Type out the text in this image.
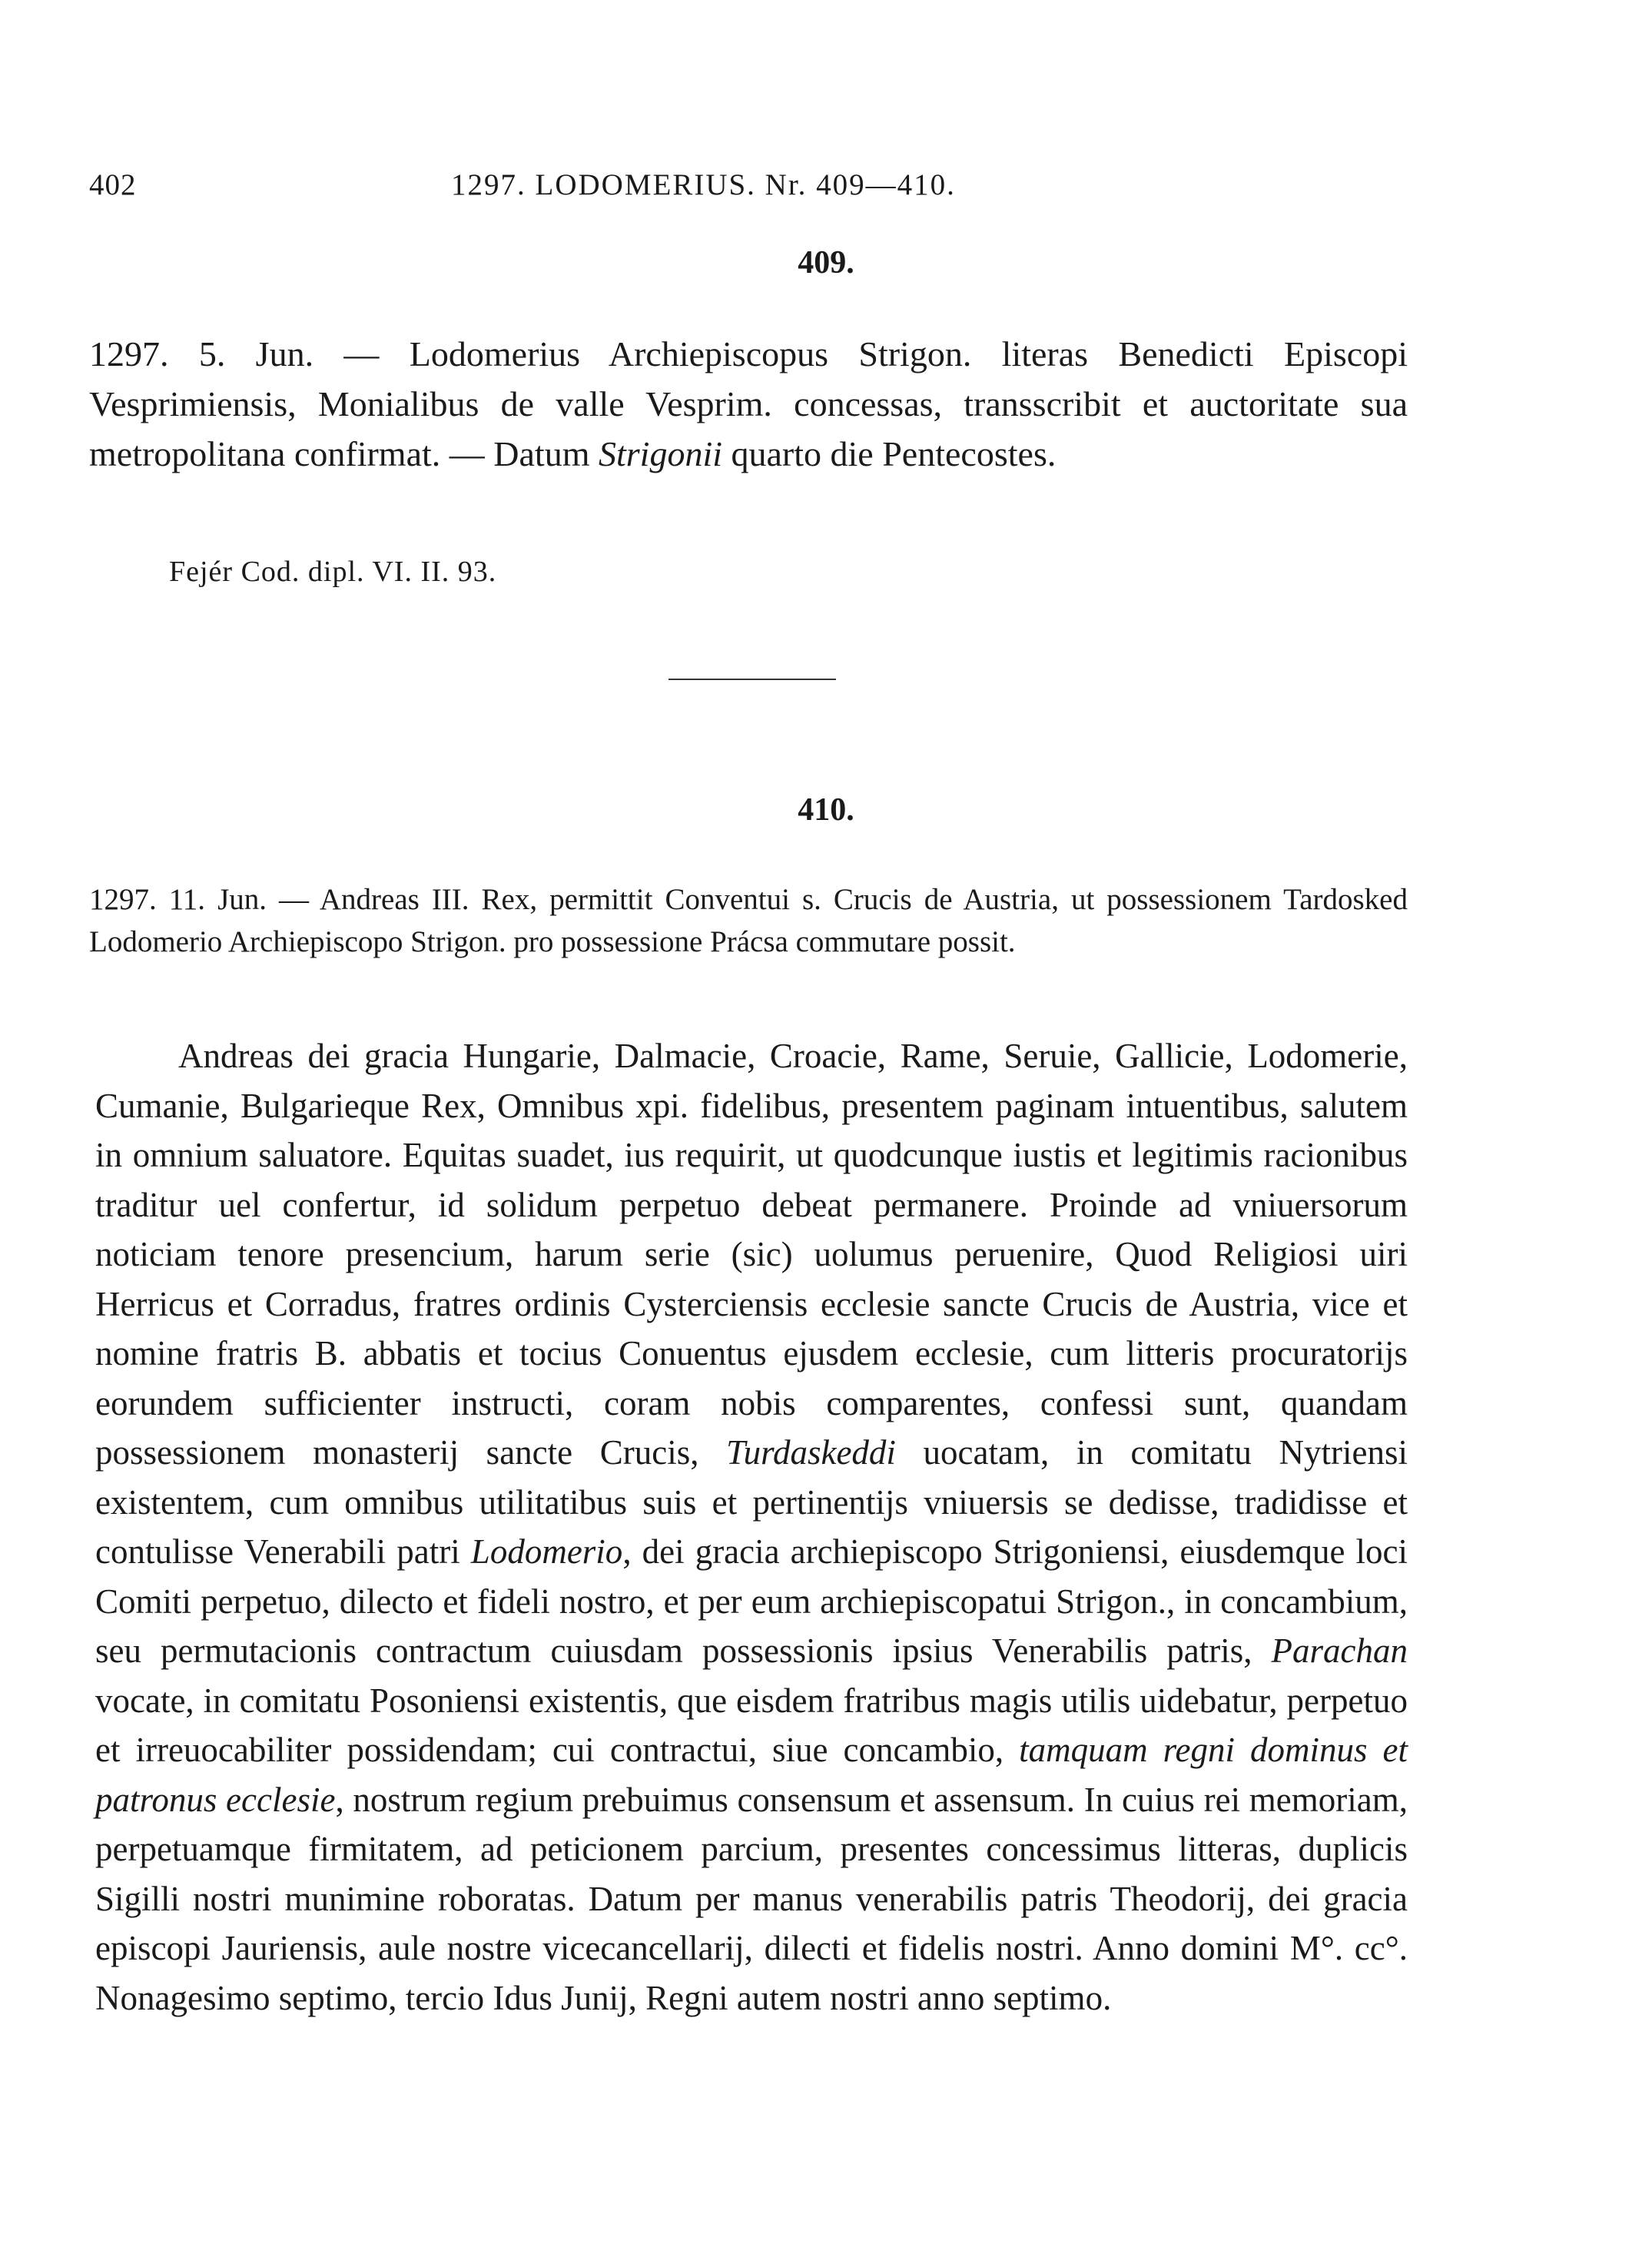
402	1297. LODOMERIUS. Nr. 409—410.
409.

1297. 5. Jun. — Lodomerius Archiepiscopus Strigon. literas Benedicti Episcopi Vesprimiensis, Monialibus de valle Vesprim. concessas, transscribit et auctoritate sua metropolitana confirmat. — Datum Strigonii quarto die Pentecostes.

Fejér Cod. dipl. VI. II. 93.
410.

1297. 11. Jun. — Andreas III. Rex, permittit Conventui s. Crucis de Austria, ut possessionem Tardosked Lodomerio Archiepiscopo Strigon. pro possessione Prácsa commutare possit.

Andreas dei gracia Hungarie, Dalmacie, Croacie, Rame, Seruie, Gallicie, Lodomerie, Cumanie, Bulgarieque Rex, Omnibus xpi. fidelibus, presentem paginam intuentibus, salutem in omnium saluatore. Equitas suadet, ius requirit, ut quodcunque iustis et legitimis racionibus traditur uel confertur, id solidum perpetuo debeat permanere. Proinde ad vniuersorum noticiam tenore presencium, harum serie (sic) uolumus peruenire, Quod Religiosi uiri Herricus et Corradus, fratres ordinis Cysterciensis ecclesie sancte Crucis de Austria, vice et nomine fratris B. abbatis et tocius Conuentus ejusdem ecclesie, cum litteris procuratorijs eorundem sufficienter instructi, coram nobis comparentes, confessi sunt, quandam possessionem monasterij sancte Crucis, Turdaskeddi uocatam, in comitatu Nytriensi existentem, cum omnibus utilitatibus suis et pertinentijs vniuersis se dedisse, tradidisse et contulisse Venerabili patri Lodomerio, dei gracia archiepiscopo Strigoniensi, eiusdemque loci Comiti perpetuo, dilecto et fideli nostro, et per eum archiepiscopatui Strigon., in concambium, seu permutacionis contractum cuiusdam possessionis ipsius Venerabilis patris, Parachan vocate, in comitatu Posoniensi existentis, que eisdem fratribus magis utilis uidebatur, perpetuo et irreuocabiliter possidendam; cui contractui, siue concambio, tamquam regni dominus et patronus ecclesie, nostrum regium prebuimus consensum et assensum. In cuius rei memoriam, perpetuamque firmitatem, ad peticionem parcium, presentes concessimus litteras, duplicis Sigilli nostri munimine roboratas. Datum per manus venerabilis patris Theodorij, dei gracia episcopi Jauriensis, aule nostre vicecancellarij, dilecti et fidelis nostri. Anno domini M°. cc°. Nonagesimo septimo, tercio Idus Junij, Regni autem nostri anno septimo.
